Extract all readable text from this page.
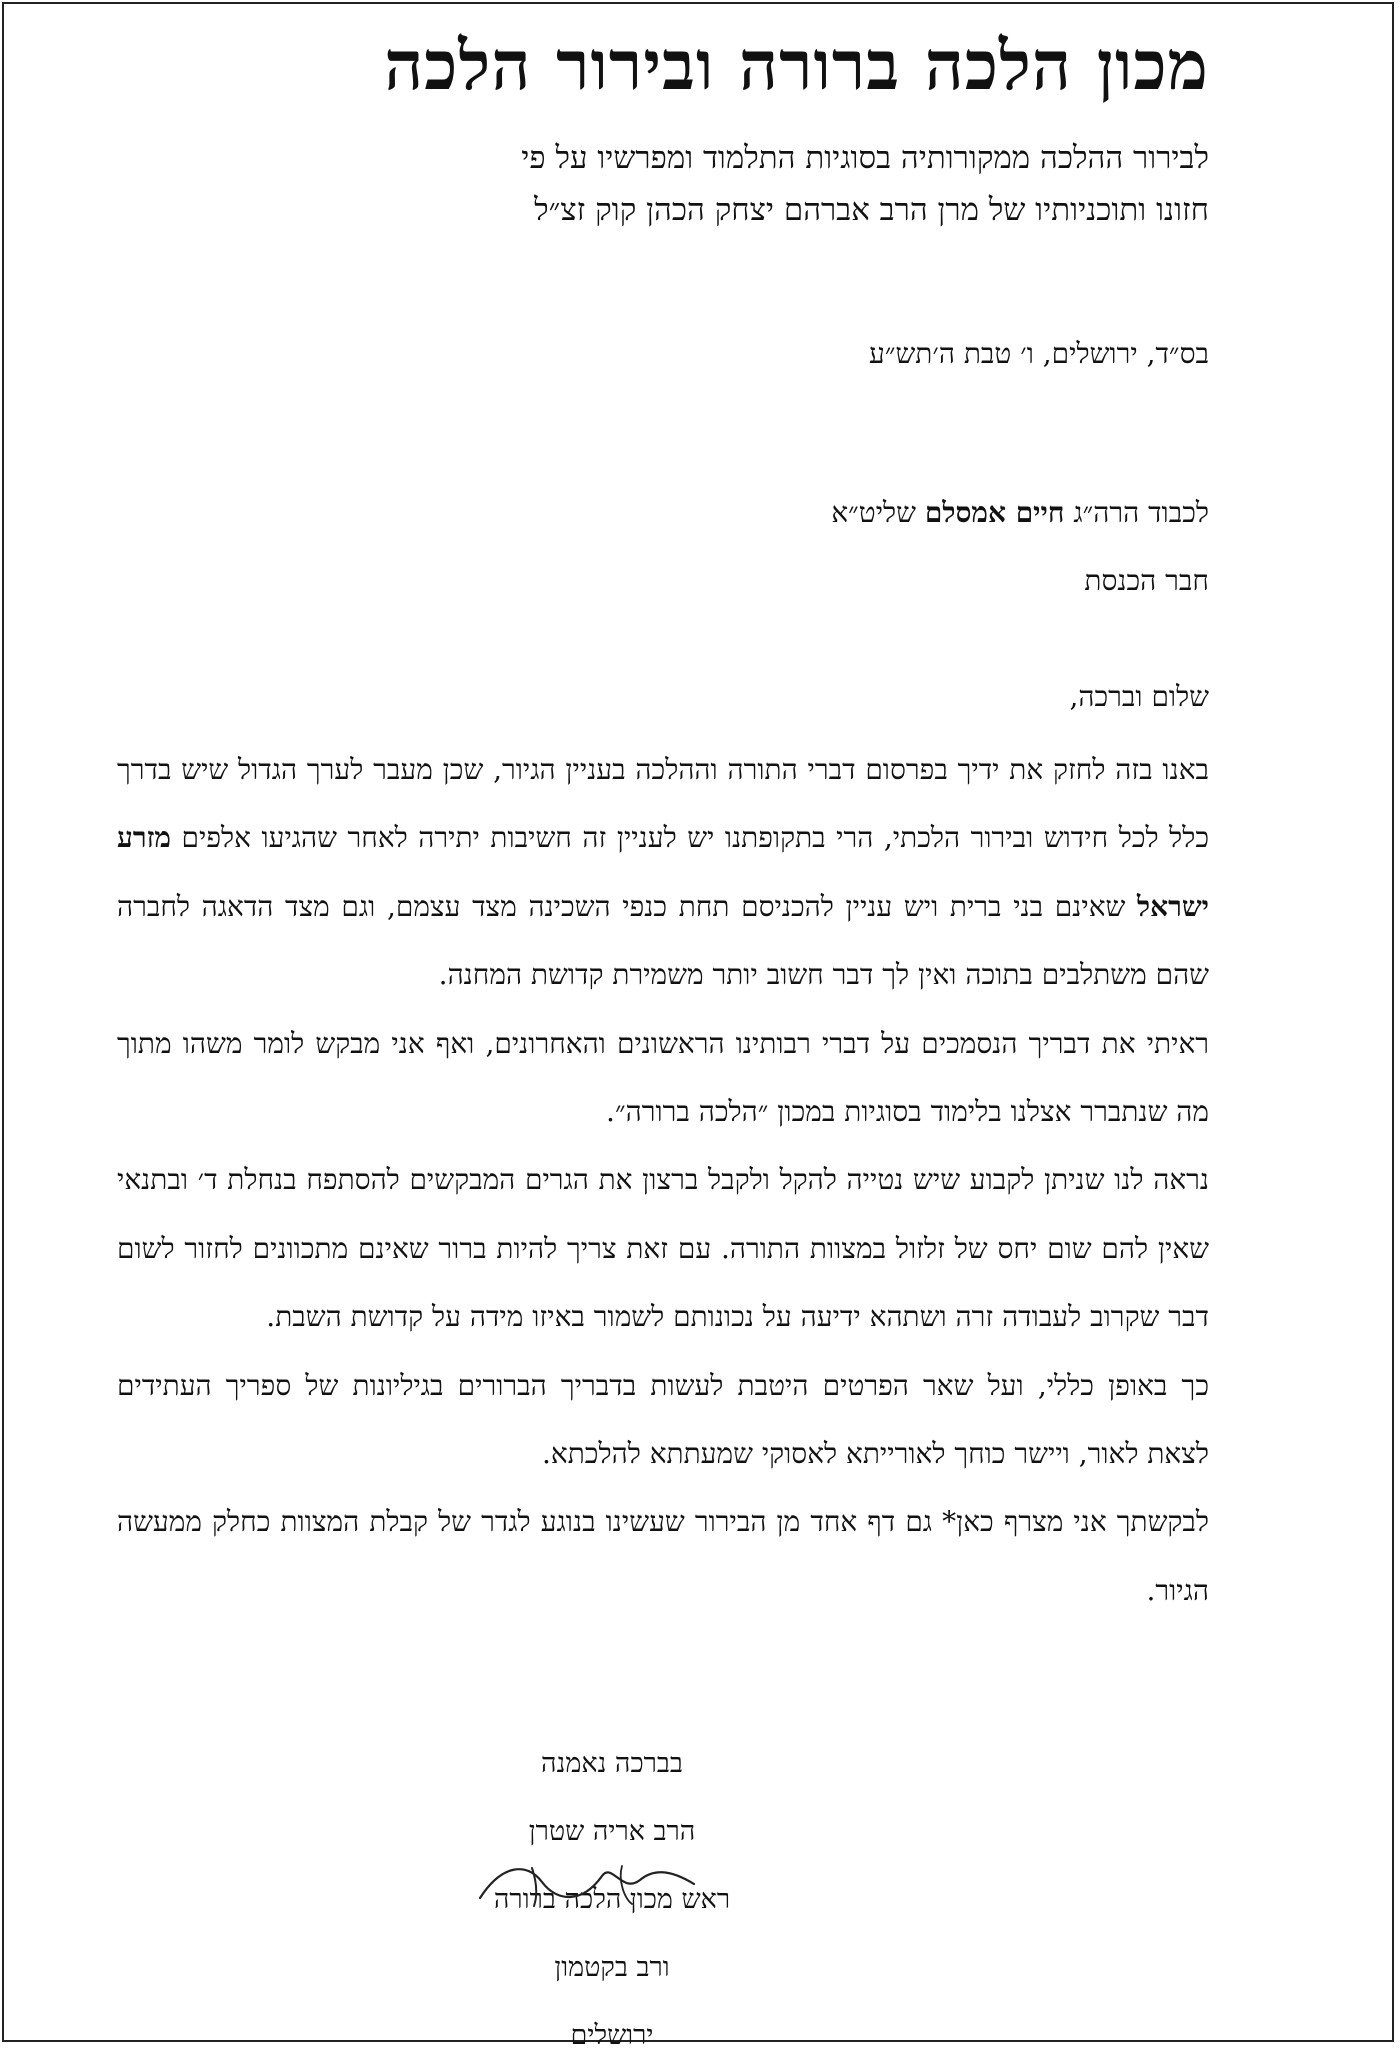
מכון הלכה ברורה ובירור הלכה
לבירור ההלכה ממקורותיה בסוגיות התלמוד ומפרשיו על פי
חזונו ותוכניותיו של מרן הרב אברהם יצחק הכהן קוק זצ״ל
בס״ד, ירושלים, ו׳ טבת ה׳תש״ע
לכבוד הרה״ג חיים אמסלם שליט״א
חבר הכנסת
שלום וברכה,

באנו בזה לחזק את ידיך בפרסום דברי התורה וההלכה בעניין הגיור, שכן מעבר לערך הגדול שיש בדרך כלל לכל חידוש ובירור הלכתי, הרי בתקופתנו יש לעניין זה חשיבות יתירה לאחר שהגיעו אלפים מזרע ישראל שאינם בני ברית ויש עניין להכניסם תחת כנפי השכינה מצד עצמם, וגם מצד הדאגה לחברה שהם משתלבים בתוכה ואין לך דבר חשוב יותר משמירת קדושת המחנה.

ראיתי את דבריך הנסמכים על דברי רבותינו הראשונים והאחרונים, ואף אני מבקש לומר משהו מתוך מה שנתברר אצלנו בלימוד בסוגיות במכון ״הלכה ברורה״.

נראה לנו שניתן לקבוע שיש נטייה להקל ולקבל ברצון את הגרים המבקשים להסתפח בנחלת ד׳ ובתנאי שאין להם שום יחס של זלזול במצוות התורה. עם זאת צריך להיות ברור שאינם מתכוונים לחזור לשום דבר שקרוב לעבודה זרה ושתהא ידיעה על נכונותם לשמור באיזו מידה על קדושת השבת.

כך באופן כללי, ועל שאר הפרטים היטבת לעשות בדבריך הברורים בגיליונות של ספריך העתידים לצאת לאור, ויישר כוחך לאורייתא לאסוקי שמעתתא להלכתא.

לבקשתך אני מצרף כאן* גם דף אחד מן הבירור שעשינו בנוגע לגדר של קבלת המצוות כחלק ממעשה הגיור.

בברכה נאמנה
הרב אריה שטרן
ראש מכון הלכה ברורה
ורב בקטמון
ירושלים
